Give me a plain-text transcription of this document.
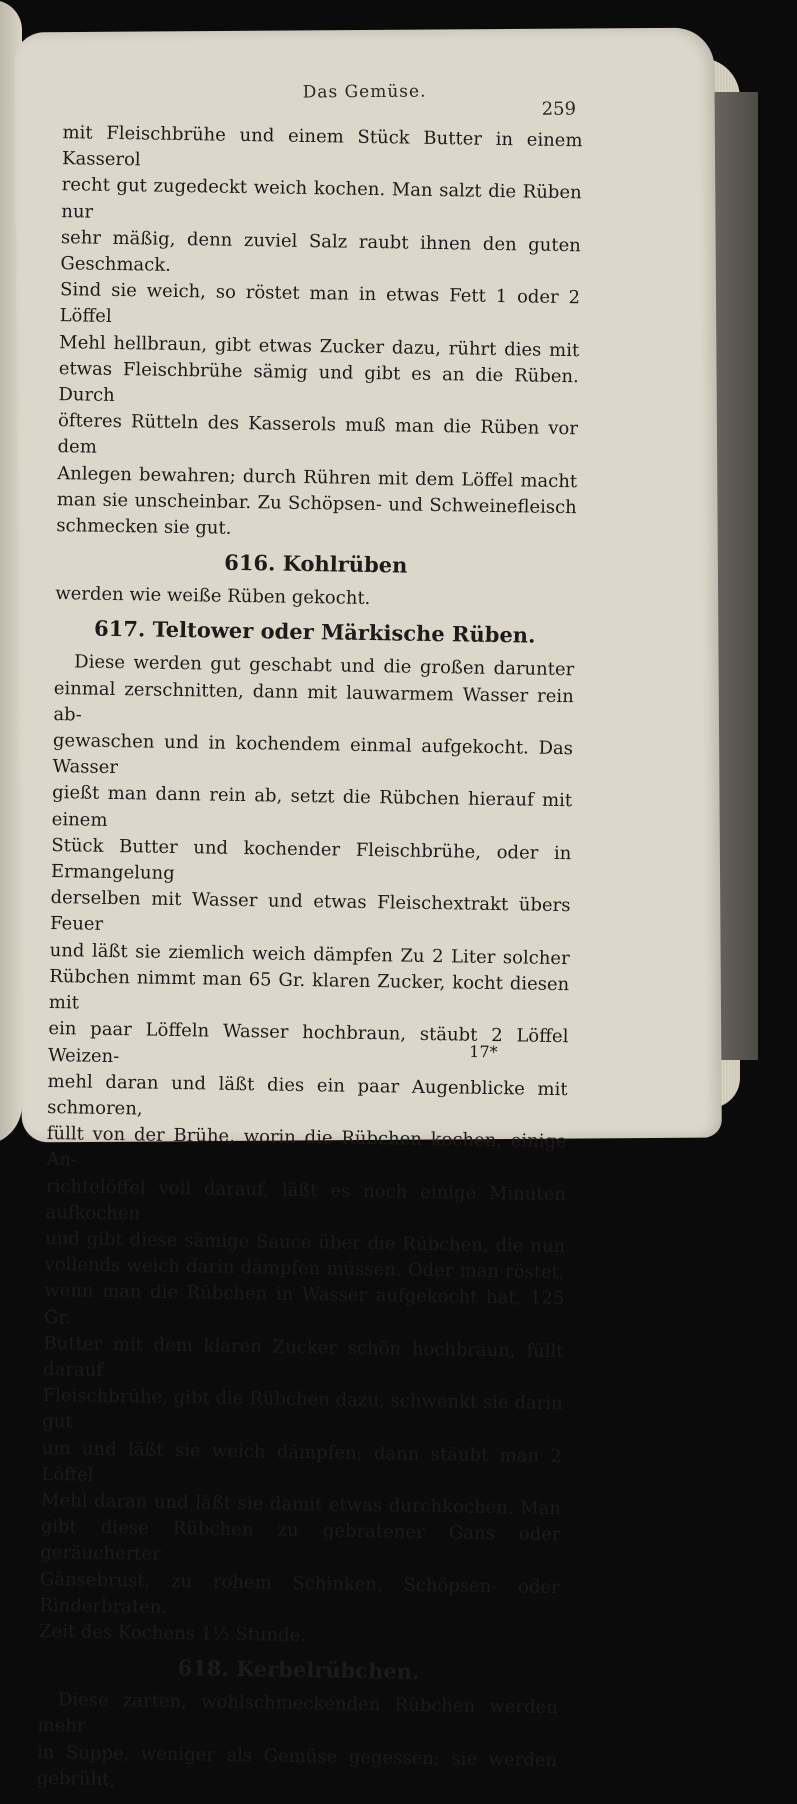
Das Gemüse.
259
mit Fleischbrühe und einem Stück Butter in einem Kasserol
recht gut zugedeckt weich kochen. Man salzt die Rüben nur
sehr mäßig, denn zuviel Salz raubt ihnen den guten Geschmack.
Sind sie weich, so röstet man in etwas Fett 1 oder 2 Löffel
Mehl hellbraun, gibt etwas Zucker dazu, rührt dies mit
etwas Fleischbrühe sämig und gibt es an die Rüben. Durch
öfteres Rütteln des Kasserols muß man die Rüben vor dem
Anlegen bewahren; durch Rühren mit dem Löffel macht
man sie unscheinbar. Zu Schöpsen- und Schweinefleisch
schmecken sie gut.
616. Kohlrüben
werden wie weiße Rüben gekocht.
617. Teltower oder Märkische Rüben.
Diese werden gut geschabt und die großen darunter
einmal zerschnitten, dann mit lauwarmem Wasser rein ab-
gewaschen und in kochendem einmal aufgekocht. Das Wasser
gießt man dann rein ab, setzt die Rübchen hierauf mit einem
Stück Butter und kochender Fleischbrühe, oder in Ermangelung
derselben mit Wasser und etwas Fleischextrakt übers Feuer
und läßt sie ziemlich weich dämpfen Zu 2 Liter solcher
Rübchen nimmt man 65 Gr. klaren Zucker, kocht diesen mit
ein paar Löffeln Wasser hochbraun, stäubt 2 Löffel Weizen-
mehl daran und läßt dies ein paar Augenblicke mit schmoren,
füllt von der Brühe, worin die Rübchen kochen, einige An-
richtelöffel voll darauf, läßt es noch einige Minuten aufkochen
und gibt diese sämige Sauce über die Rübchen, die nun
vollends weich darin dämpfen müssen. Oder man röstet,
wenn man die Rübchen in Wasser aufgekocht hat, 125 Gr.
Butter mit dem klaren Zucker schön hochbraun, füllt darauf
Fleischbrühe, gibt die Rübchen dazu, schwenkt sie darin gut
um und läßt sie weich dämpfen; dann stäubt man 2 Löffel
Mehl daran und läßt sie damit etwas durchkochen. Man
gibt diese Rübchen zu gebratener Gans oder geräucherter
Gänsebrust, zu rohem Schinken, Schöpsen- oder Rinderbraten.
Zeit des Kochens 1½ Stunde.
618. Kerbelrübchen.
Diese zarten, wohlschmeckenden Rübchen werden mehr
in Suppe, weniger als Gemüse gegessen; sie werden gebrüht,
17*
